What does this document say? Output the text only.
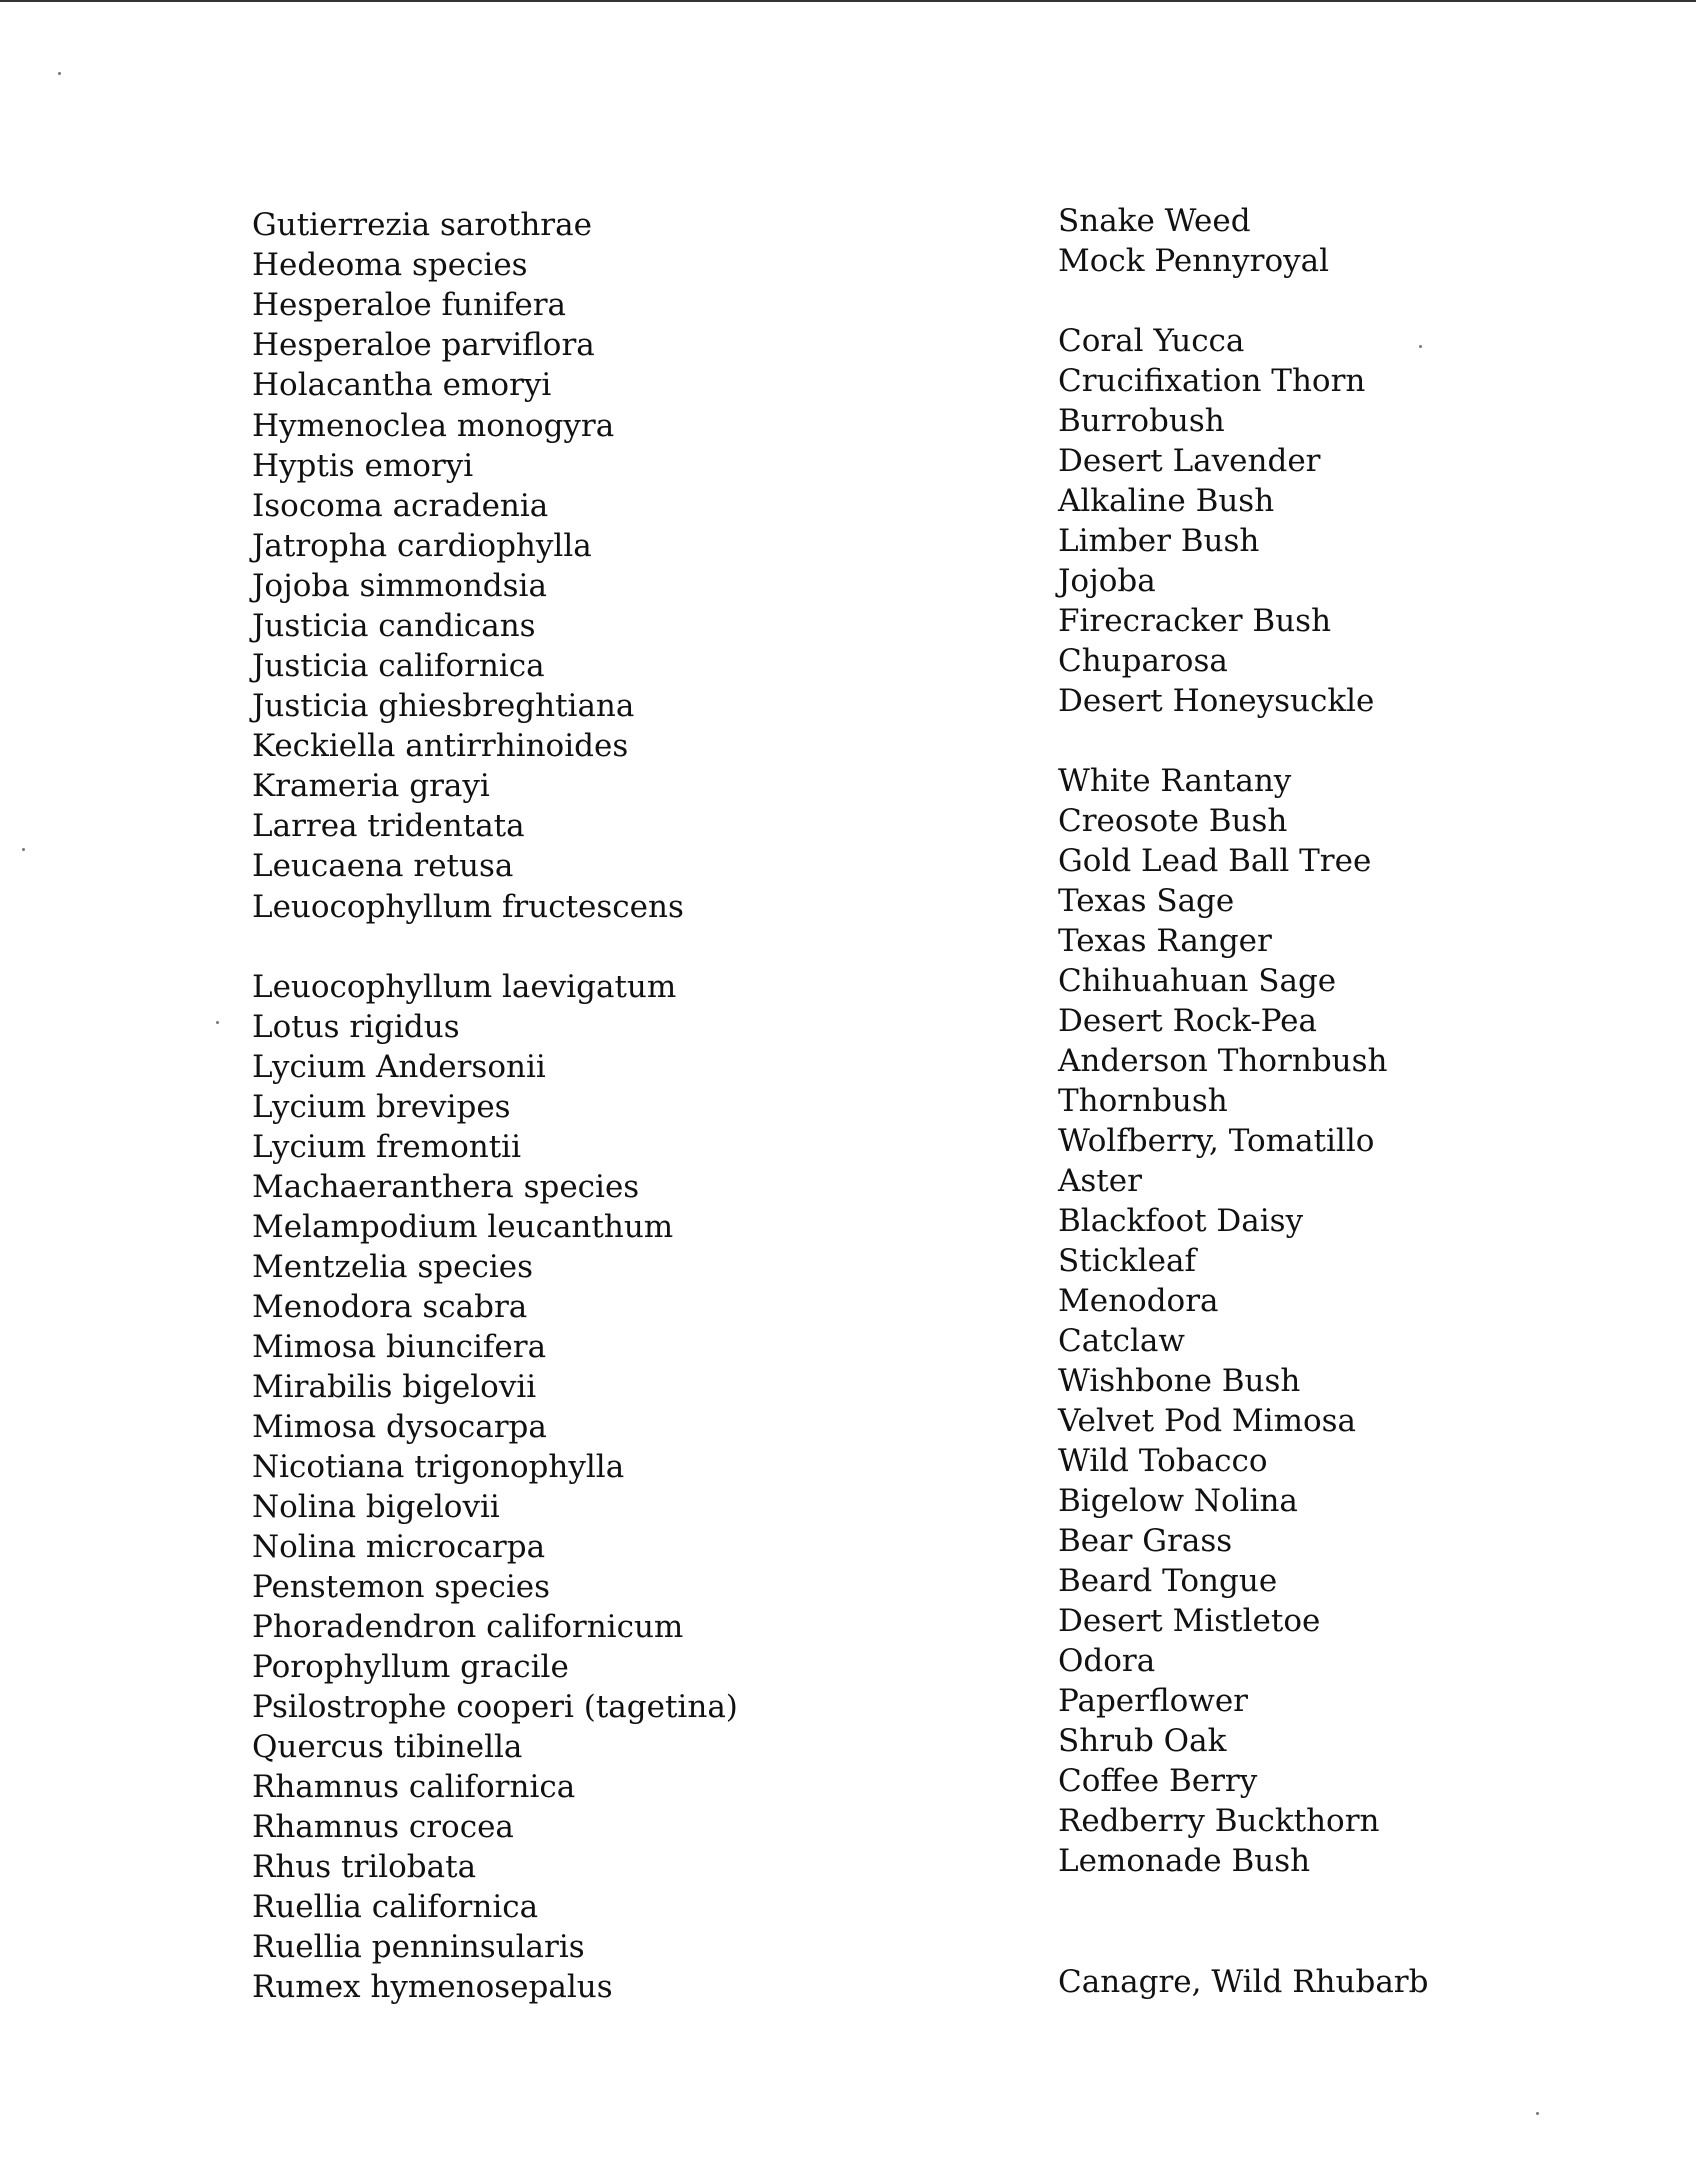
Gutierrezia sarothrae
Hedeoma species
Hesperaloe funifera
Hesperaloe parviflora
Holacantha emoryi
Hymenoclea monogyra
Hyptis emoryi
Isocoma acradenia
Jatropha cardiophylla
Jojoba simmondsia
Justicia candicans
Justicia californica
Justicia ghiesbreghtiana
Keckiella antirrhinoides
Krameria grayi
Larrea tridentata
Leucaena retusa
Leuocophyllum fructescens
Leuocophyllum laevigatum
Lotus rigidus
Lycium Andersonii
Lycium brevipes
Lycium fremontii
Machaeranthera species
Melampodium leucanthum
Mentzelia species
Menodora scabra
Mimosa biuncifera
Mirabilis bigelovii
Mimosa dysocarpa
Nicotiana trigonophylla
Nolina bigelovii
Nolina microcarpa
Penstemon species
Phoradendron californicum
Porophyllum gracile
Psilostrophe cooperi (tagetina)
Quercus tibinella
Rhamnus californica
Rhamnus crocea
Rhus trilobata
Ruellia californica
Ruellia penninsularis
Rumex hymenosepalus
Snake Weed
Mock Pennyroyal
Coral Yucca
Crucifixation Thorn
Burrobush
Desert Lavender
Alkaline Bush
Limber Bush
Jojoba
Firecracker Bush
Chuparosa
Desert Honeysuckle
White Rantany
Creosote Bush
Gold Lead Ball Tree
Texas Sage
Texas Ranger
Chihuahuan Sage
Desert Rock-Pea
Anderson Thornbush
Thornbush
Wolfberry, Tomatillo
Aster
Blackfoot Daisy
Stickleaf
Menodora
Catclaw
Wishbone Bush
Velvet Pod Mimosa
Wild Tobacco
Bigelow Nolina
Bear Grass
Beard Tongue
Desert Mistletoe
Odora
Paperflower
Shrub Oak
Coffee Berry
Redberry Buckthorn
Lemonade Bush
Canagre, Wild Rhubarb
